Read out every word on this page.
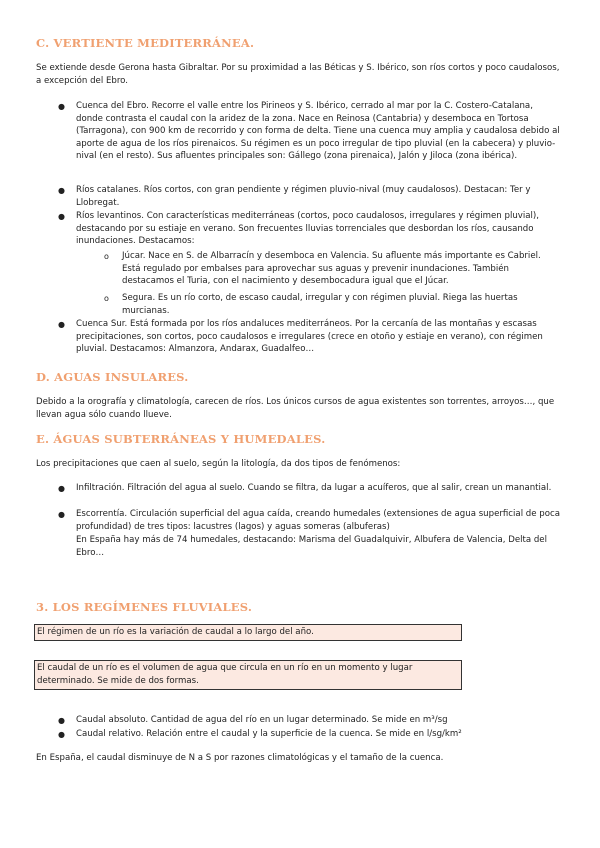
C. VERTIENTE MEDITERRÁNEA.
Se extiende desde Gerona hasta Gibraltar. Por su proximidad a las Béticas y S. Ibérico, son ríos cortos y poco caudalosos, a excepción del Ebro.
● Cuenca del Ebro. Recorre el valle entre los Pirineos y S. Ibérico, cerrado al mar por la C. Costero-Catalana, donde contrasta el caudal con la aridez de la zona. Nace en Reinosa (Cantabria) y desemboca en Tortosa (Tarragona), con 900 km de recorrido y con forma de delta. Tiene una cuenca muy amplia y caudalosa debido al aporte de agua de los ríos pirenaicos. Su régimen es un poco irregular de tipo pluvial (en la cabecera) y pluvio-nival (en el resto). Sus afluentes principales son: Gállego (zona pirenaica), Jalón y Jiloca (zona ibérica).
● Ríos catalanes. Ríos cortos, con gran pendiente y régimen pluvio-nival (muy caudalosos). Destacan: Ter y Llobregat.
● Ríos levantinos. Con características mediterráneas (cortos, poco caudalosos, irregulares y régimen pluvial), destacando por su estiaje en verano. Son frecuentes lluvias torrenciales que desbordan los ríos, causando inundaciones. Destacamos:
o Júcar. Nace en S. de Albarracín y desemboca en Valencia. Su afluente más importante es Cabriel. Está regulado por embalses para aprovechar sus aguas y prevenir inundaciones. También destacamos el Turia, con el nacimiento y desembocadura igual que el Júcar.
o Segura. Es un río corto, de escaso caudal, irregular y con régimen pluvial. Riega las huertas murcianas.
● Cuenca Sur. Está formada por los ríos andaluces mediterráneos. Por la cercanía de las montañas y escasas precipitaciones, son cortos, poco caudalosos e irregulares (crece en otoño y estiaje en verano), con régimen pluvial. Destacamos: Almanzora, Andarax, Guadalfeo…
D. AGUAS INSULARES.
Debido a la orografía y climatología, carecen de ríos. Los únicos cursos de agua existentes son torrentes, arroyos…, que llevan agua sólo cuando llueve.
E. ÁGUAS SUBTERRÁNEAS Y HUMEDALES.
Los precipitaciones que caen al suelo, según la litología, da dos tipos de fenómenos:
● Infiltración. Filtración del agua al suelo. Cuando se filtra, da lugar a acuíferos, que al salir, crean un manantial.
● Escorrentía. Circulación superficial del agua caída, creando humedales (extensiones de agua superficial de poca profundidad) de tres tipos: lacustres (lagos) y aguas someras (albuferas)
En España hay más de 74 humedales, destacando: Marisma del Guadalquivir, Albufera de Valencia, Delta del Ebro…
3. LOS REGÍMENES FLUVIALES.
El régimen de un río es la variación de caudal a lo largo del año.
El caudal de un río es el volumen de agua que circula en un río en un momento y lugar determinado. Se mide de dos formas.
● Caudal absoluto. Cantidad de agua del río en un lugar determinado. Se mide en m³/sg
● Caudal relativo. Relación entre el caudal y la superficie de la cuenca. Se mide en l/sg/km²
En España, el caudal disminuye de N a S por razones climatológicas y el tamaño de la cuenca.
